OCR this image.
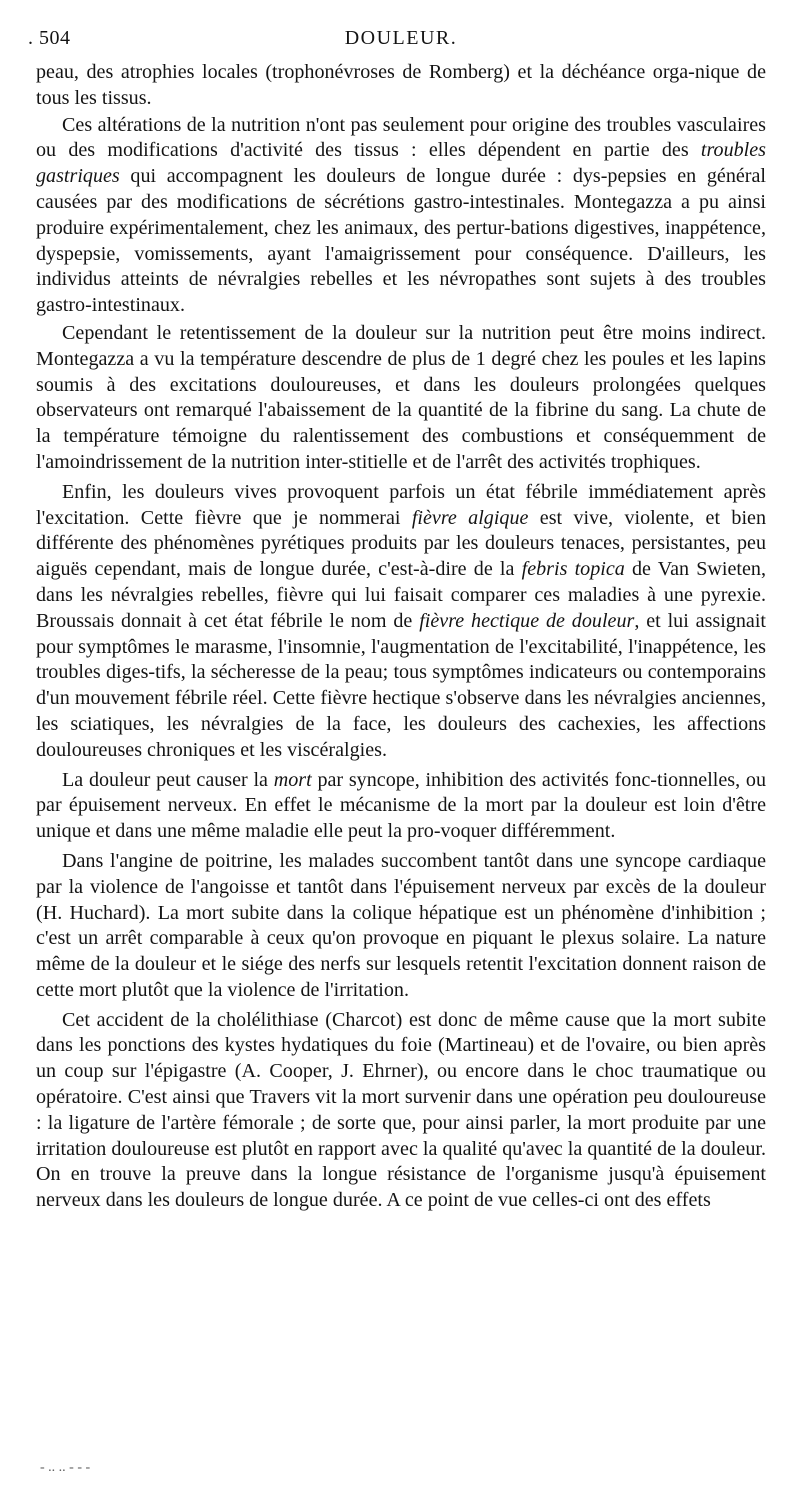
. 504	DOULEUR.

peau, des atrophies locales (trophonévroses de Romberg) et la déchéance orga-nique de tous les tissus.

Ces altérations de la nutrition n'ont pas seulement pour origine des troubles vasculaires ou des modifications d'activité des tissus : elles dépendent en partie des troubles gastriques qui accompagnent les douleurs de longue durée : dys-pepsies en général causées par des modifications de sécrétions gastro-intestinales. Montegazza a pu ainsi produire expérimentalement, chez les animaux, des pertur-bations digestives, inappétence, dyspepsie, vomissements, ayant l'amaigrissement pour conséquence. D'ailleurs, les individus atteints de névralgies rebelles et les névropathes sont sujets à des troubles gastro-intestinaux.

Cependant le retentissement de la douleur sur la nutrition peut être moins indirect. Montegazza a vu la température descendre de plus de 1 degré chez les poules et les lapins soumis à des excitations douloureuses, et dans les douleurs prolongées quelques observateurs ont remarqué l'abaissement de la quantité de la fibrine du sang. La chute de la température témoigne du ralentissement des combustions et conséquemment de l'amoindrissement de la nutrition inter-stitielle et de l'arrêt des activités trophiques.

Enfin, les douleurs vives provoquent parfois un état fébrile immédiatement après l'excitation. Cette fièvre que je nommerai fièvre algique est vive, violente, et bien différente des phénomènes pyrétiques produits par les douleurs tenaces, persistantes, peu aiguës cependant, mais de longue durée, c'est-à-dire de la febris topica de Van Swieten, dans les névralgies rebelles, fièvre qui lui faisait comparer ces maladies à une pyrexie. Broussais donnait à cet état fébrile le nom de fièvre hectique de douleur, et lui assignait pour symptômes le marasme, l'insomnie, l'augmentation de l'excitabilité, l'inappétence, les troubles diges-tifs, la sécheresse de la peau; tous symptômes indicateurs ou contemporains d'un mouvement fébrile réel. Cette fièvre hectique s'observe dans les névralgies anciennes, les sciatiques, les névralgies de la face, les douleurs des cachexies, les affections douloureuses chroniques et les viscéralgies.

La douleur peut causer la mort par syncope, inhibition des activités fonc-tionnelles, ou par épuisement nerveux. En effet le mécanisme de la mort par la douleur est loin d'être unique et dans une même maladie elle peut la pro-voquer différemment.

Dans l'angine de poitrine, les malades succombent tantôt dans une syncope cardiaque par la violence de l'angoisse et tantôt dans l'épuisement nerveux par excès de la douleur (H. Huchard). La mort subite dans la colique hépatique est un phénomène d'inhibition ; c'est un arrêt comparable à ceux qu'on provoque en piquant le plexus solaire. La nature même de la douleur et le siége des nerfs sur lesquels retentit l'excitation donnent raison de cette mort plutôt que la violence de l'irritation.

Cet accident de la cholélithiase (Charcot) est donc de même cause que la mort subite dans les ponctions des kystes hydatiques du foie (Martineau) et de l'ovaire, ou bien après un coup sur l'épigastre (A. Cooper, J. Ehrner), ou encore dans le choc traumatique ou opératoire. C'est ainsi que Travers vit la mort survenir dans une opération peu douloureuse : la ligature de l'artère fémorale ; de sorte que, pour ainsi parler, la mort produite par une irritation douloureuse est plutôt en rapport avec la qualité qu'avec la quantité de la douleur. On en trouve la preuve dans la longue résistance de l'organisme jusqu'à épuisement nerveux dans les douleurs de longue durée. A ce point de vue celles-ci ont des effets

- .. .. - - -
